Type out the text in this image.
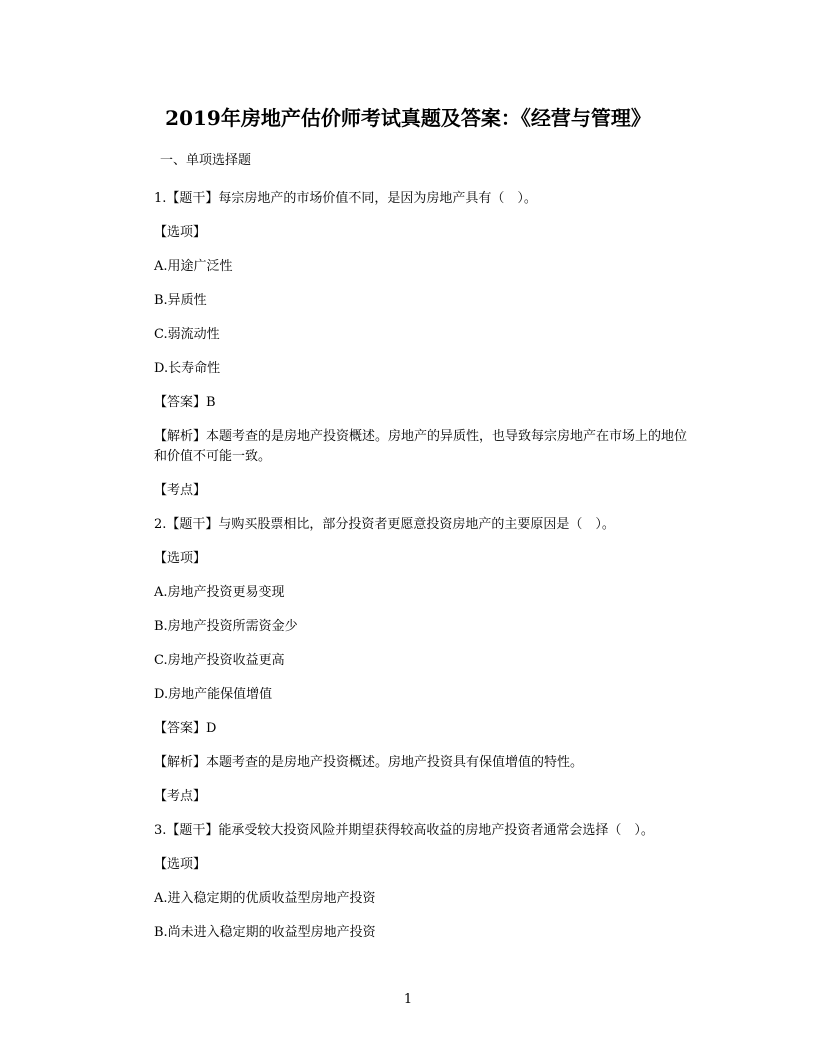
2019年房地产估价师考试真题及答案：《经营与管理》

一、单项选择题

1.【题干】每宗房地产的市场价值不同，是因为房地产具有（　）。

【选项】

A.用途广泛性

B.异质性

C.弱流动性

D.长寿命性

【答案】B

【解析】本题考查的是房地产投资概述。房地产的异质性，也导致每宗房地产在市场上的地位和价值不可能一致。

【考点】

2.【题干】与购买股票相比，部分投资者更愿意投资房地产的主要原因是（　）。

【选项】

A.房地产投资更易变现

B.房地产投资所需资金少

C.房地产投资收益更高

D.房地产能保值增值

【答案】D

【解析】本题考查的是房地产投资概述。房地产投资具有保值增值的特性。

【考点】

3.【题干】能承受较大投资风险并期望获得较高收益的房地产投资者通常会选择（　）。

【选项】

A.进入稳定期的优质收益型房地产投资

B.尚未进入稳定期的收益型房地产投资

1
